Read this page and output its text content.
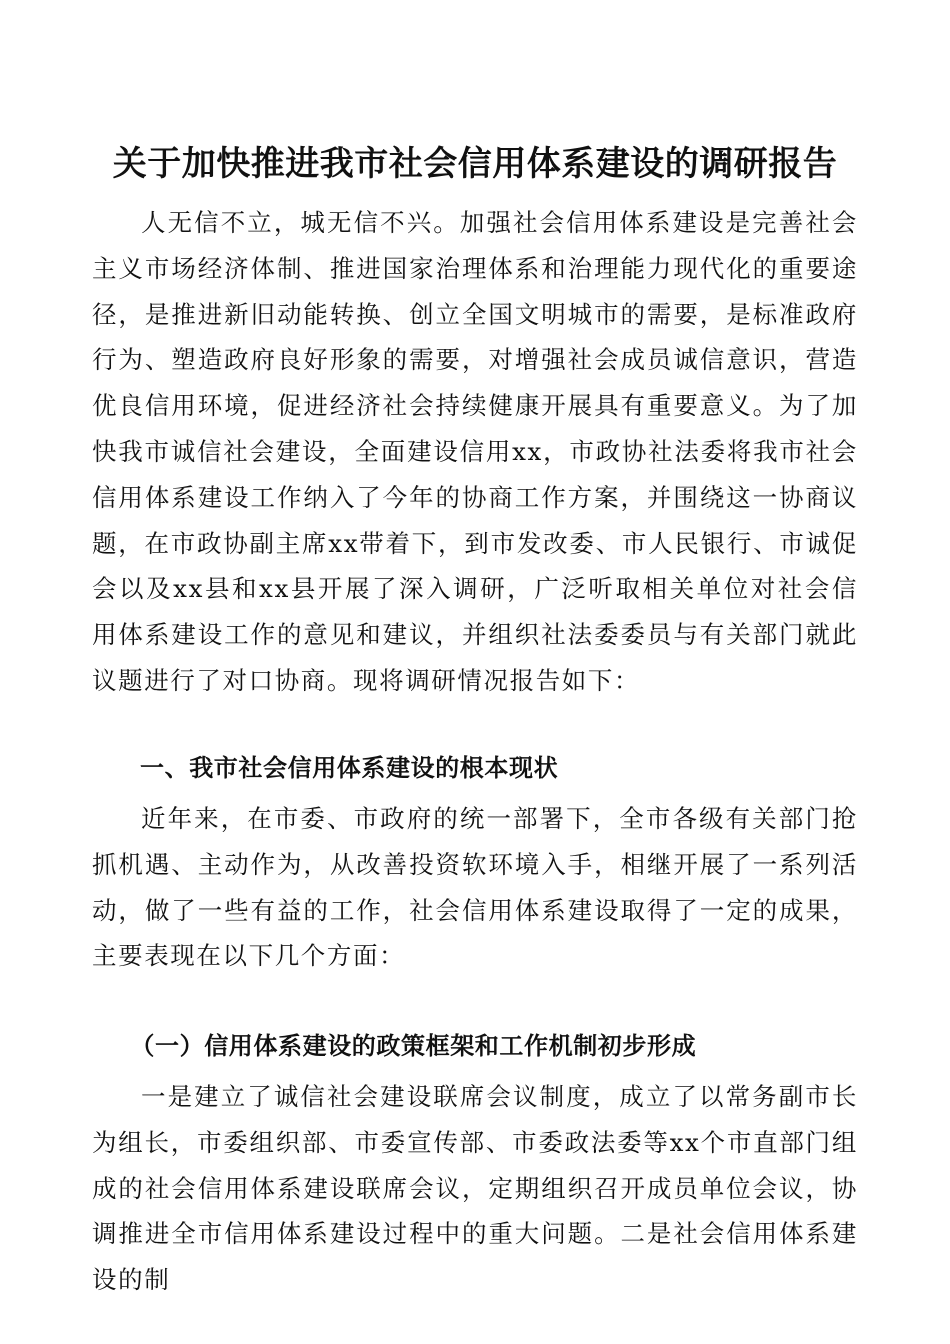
关于加快推进我市社会信用体系建设的调研报告

人无信不立，城无信不兴。加强社会信用体系建设是完善社会主义市场经济体制、推进国家治理体系和治理能力现代化的重要途径，是推进新旧动能转换、创立全国文明城市的需要，是标准政府行为、塑造政府良好形象的需要，对增强社会成员诚信意识，营造优良信用环境，促进经济社会持续健康开展具有重要意义。为了加快我市诚信社会建设，全面建设信用xx，市政协社法委将我市社会信用体系建设工作纳入了今年的协商工作方案，并围绕这一协商议题，在市政协副主席xx带着下，到市发改委、市人民银行、市诚促会以及xx县和xx县开展了深入调研，广泛听取相关单位对社会信用体系建设工作的意见和建议，并组织社法委委员与有关部门就此议题进行了对口协商。现将调研情况报告如下：

一、我市社会信用体系建设的根本现状

近年来，在市委、市政府的统一部署下，全市各级有关部门抢抓机遇、主动作为，从改善投资软环境入手，相继开展了一系列活动，做了一些有益的工作，社会信用体系建设取得了一定的成果，主要表现在以下几个方面：

（一）信用体系建设的政策框架和工作机制初步形成

一是建立了诚信社会建设联席会议制度，成立了以常务副市长为组长，市委组织部、市委宣传部、市委政法委等xx个市直部门组成的社会信用体系建设联席会议，定期组织召开成员单位会议，协调推进全市信用体系建设过程中的重大问题。二是社会信用体系建设的制
